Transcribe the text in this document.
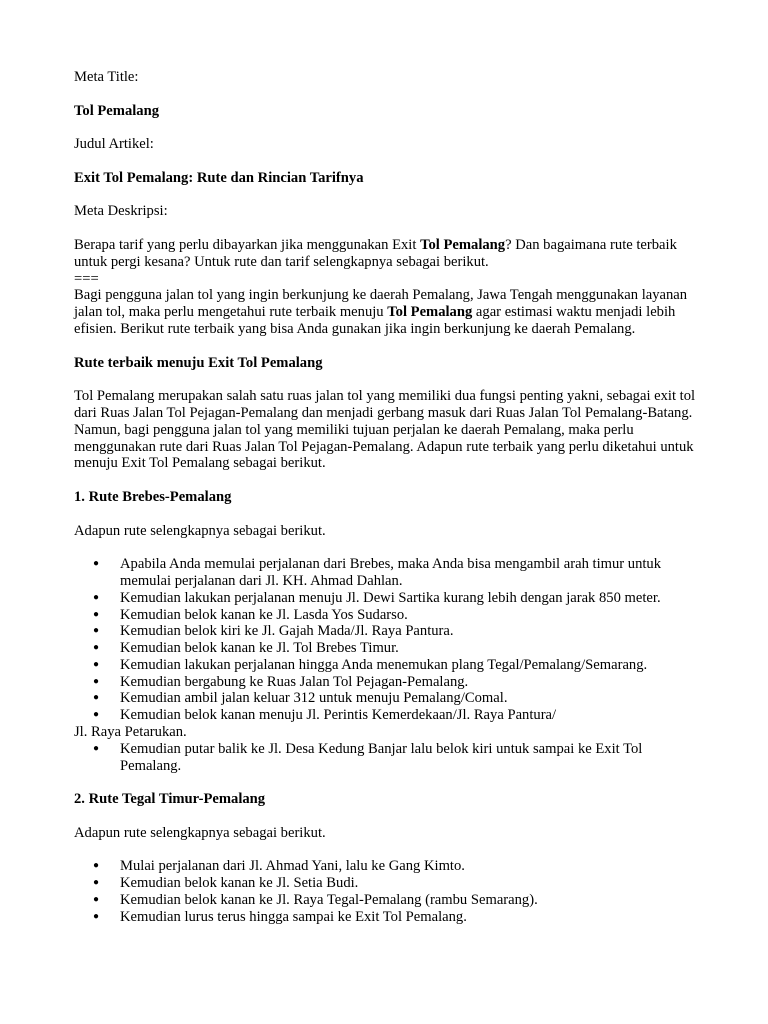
Meta Title:

Tol Pemalang

Judul Artikel:

Exit Tol Pemalang: Rute dan Rincian Tarifnya

Meta Deskripsi:

Berapa tarif yang perlu dibayarkan jika menggunakan Exit Tol Pemalang? Dan bagaimana rute terbaik untuk pergi kesana? Untuk rute dan tarif selengkapnya sebagai berikut.

===

Bagi pengguna jalan tol yang ingin berkunjung ke daerah Pemalang, Jawa Tengah menggunakan layanan jalan tol, maka perlu mengetahui rute terbaik menuju Tol Pemalang agar estimasi waktu menjadi lebih efisien. Berikut rute terbaik yang bisa Anda gunakan jika ingin berkunjung ke daerah Pemalang.

Rute terbaik menuju Exit Tol Pemalang

Tol Pemalang merupakan salah satu ruas jalan tol yang memiliki dua fungsi penting yakni, sebagai exit tol dari Ruas Jalan Tol Pejagan-Pemalang dan menjadi gerbang masuk dari Ruas Jalan Tol Pemalang-Batang. Namun, bagi pengguna jalan tol yang memiliki tujuan perjalan ke daerah Pemalang, maka perlu menggunakan rute dari Ruas Jalan Tol Pejagan-Pemalang. Adapun rute terbaik yang perlu diketahui untuk menuju Exit Tol Pemalang sebagai berikut.

1. Rute Brebes-Pemalang

Adapun rute selengkapnya sebagai berikut.

● Apabila Anda memulai perjalanan dari Brebes, maka Anda bisa mengambil arah timur untuk memulai perjalanan dari Jl. KH. Ahmad Dahlan.
● Kemudian lakukan perjalanan menuju Jl. Dewi Sartika kurang lebih dengan jarak 850 meter.
● Kemudian belok kanan ke Jl. Lasda Yos Sudarso.
● Kemudian belok kiri ke Jl. Gajah Mada/Jl. Raya Pantura.
● Kemudian belok kanan ke Jl. Tol Brebes Timur.
● Kemudian lakukan perjalanan hingga Anda menemukan plang Tegal/Pemalang/Semarang.
● Kemudian bergabung ke Ruas Jalan Tol Pejagan-Pemalang.
● Kemudian ambil jalan keluar 312 untuk menuju Pemalang/Comal.
● Kemudian belok kanan menuju Jl. Perintis Kemerdekaan/Jl. Raya Pantura/

Jl. Raya Petarukan.

● Kemudian putar balik ke Jl. Desa Kedung Banjar lalu belok kiri untuk sampai ke Exit Tol Pemalang.

2. Rute Tegal Timur-Pemalang

Adapun rute selengkapnya sebagai berikut.

● Mulai perjalanan dari Jl. Ahmad Yani, lalu ke Gang Kimto.
● Kemudian belok kanan ke Jl. Setia Budi.
● Kemudian belok kanan ke Jl. Raya Tegal-Pemalang (rambu Semarang).
● Kemudian lurus terus hingga sampai ke Exit Tol Pemalang.
